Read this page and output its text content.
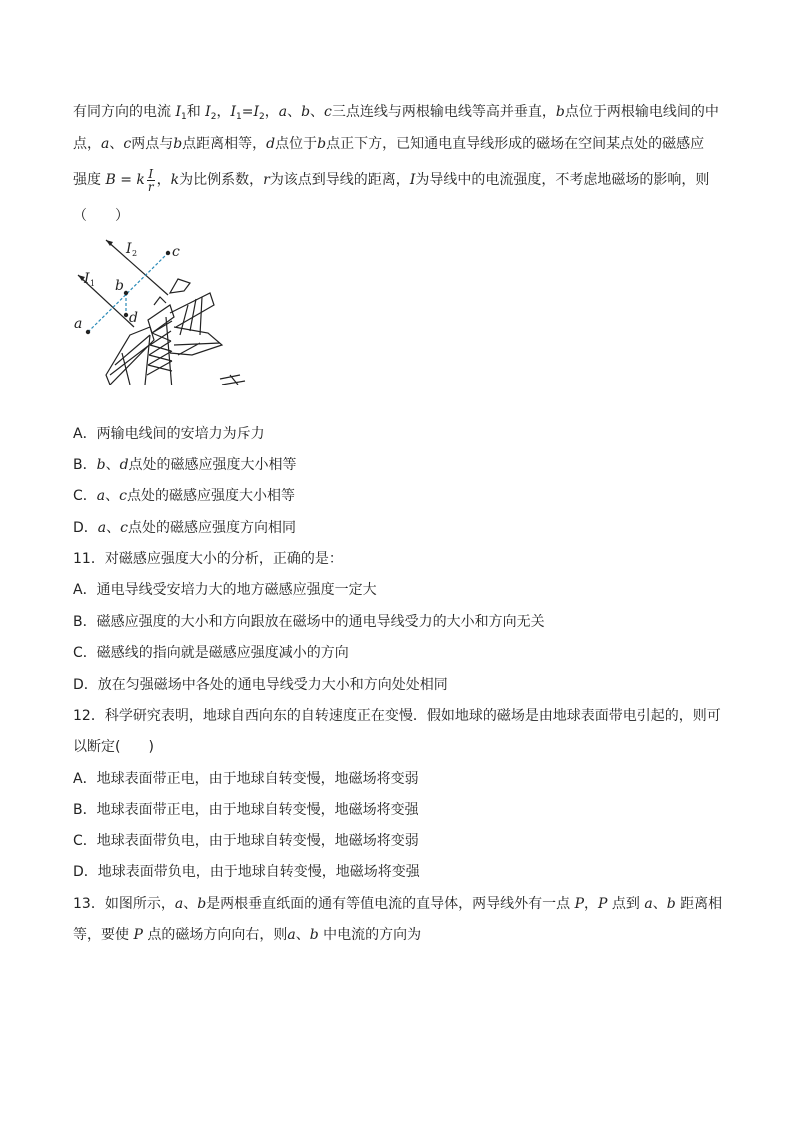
有同方向的电流 $I_1$和 $I_2$，$I_1=I_2$，a、b、c三点连线与两根输电线等高并垂直，b点位于两根输电线间的中
点，a、c两点与b点距离相等，d点位于b点正下方，已知通电直导线形成的磁场在空间某点处的磁感应
强度 B = k $\frac{I}{r}$ ，k为比例系数，r为该点到导线的距离，I为导线中的电流强度，不考虑地磁场的影响，则
（　　）
a
b
c
d
I
I
1
2
A．两输电线间的安培力为斥力
B．b、d点处的磁感应强度大小相等
C．a、c点处的磁感应强度大小相等
D．a、c点处的磁感应强度方向相同
11．对磁感应强度大小的分析，正确的是：
A．通电导线受安培力大的地方磁感应强度一定大
B．磁感应强度的大小和方向跟放在磁场中的通电导线受力的大小和方向无关
C．磁感线的指向就是磁感应强度减小的方向
D．放在匀强磁场中各处的通电导线受力大小和方向处处相同
12．科学研究表明，地球自西向东的自转速度正在变慢．假如地球的磁场是由地球表面带电引起的，则可
以断定(　　)
A．地球表面带正电，由于地球自转变慢，地磁场将变弱
B．地球表面带正电，由于地球自转变慢，地磁场将变强
C．地球表面带负电，由于地球自转变慢，地磁场将变弱
D．地球表面带负电，由于地球自转变慢，地磁场将变强
13．如图所示，a、b是两根垂直纸面的通有等值电流的直导体，两导线外有一点 P，P 点到 a、b 距离相
等，要使 P 点的磁场方向向右，则a、b 中电流的方向为
